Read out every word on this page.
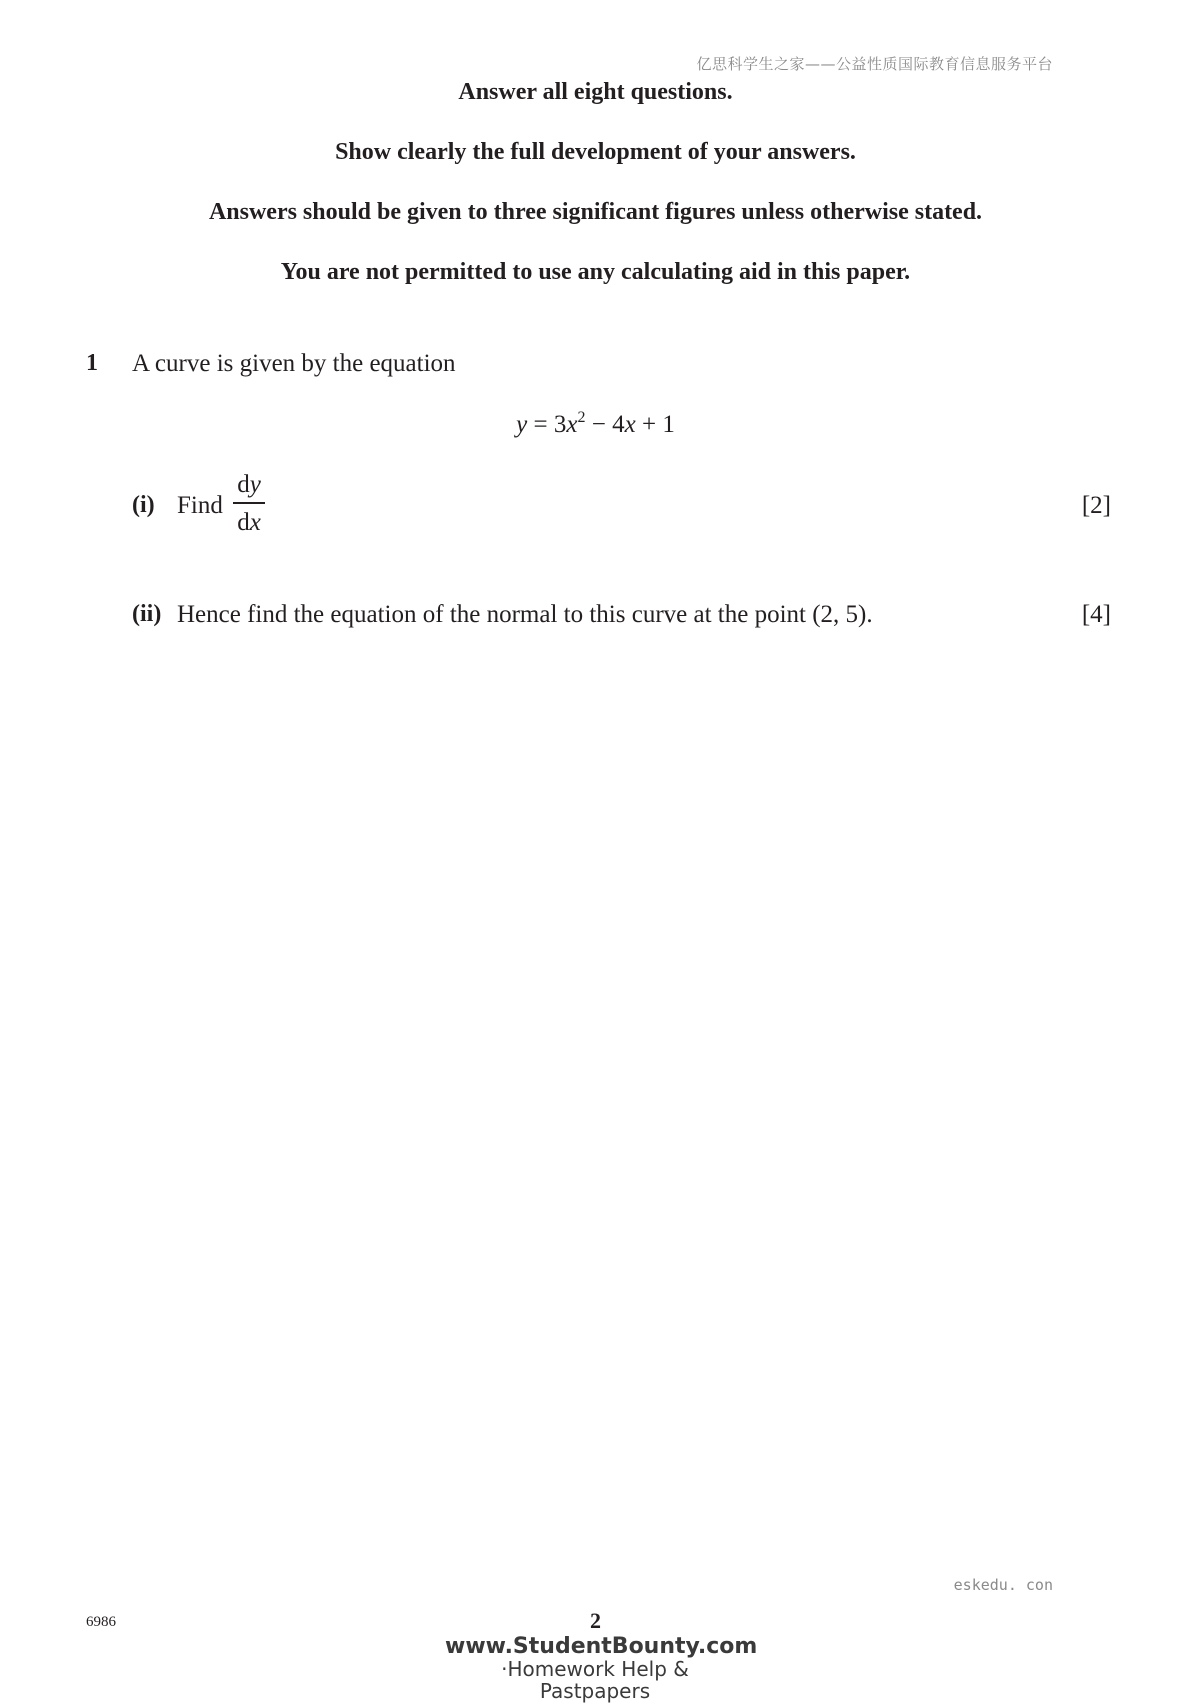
亿思科学生之家——公益性质国际教育信息服务平台
Answer all eight questions.
Show clearly the full development of your answers.
Answers should be given to three significant figures unless otherwise stated.
You are not permitted to use any calculating aid in this paper.
1 A curve is given by the equation
$y = 3x^2 - 4x + 1$
(i) Find
dy
dx
[2]
(ii) Hence find the equation of the normal to this curve at the point (2, 5).	[4]
eskedu. con
6986	2
www.StudentBounty.com
·Homework Help & Pastpapers
